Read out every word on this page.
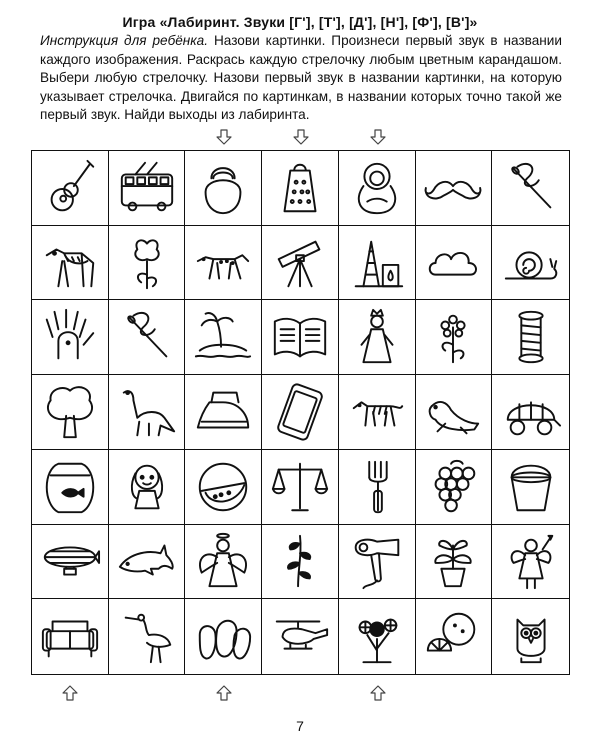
Игра «Лабиринт. Звуки [Г'], [Т'], [Д'], [Н'], [Ф'], [В']»
Инструкция для ребёнка. Назови картинки. Произнеси первый звук в названии каждого изображения. Раскрась каждую стрелочку любым цветным карандашом. Выбери любую стрелочку. Назови первый звук в названии картинки, на которую указывает стрелочка. Двигайся по картинкам, в названии которых точно такой же первый звук. Найди выходы из лабиринта.
7
